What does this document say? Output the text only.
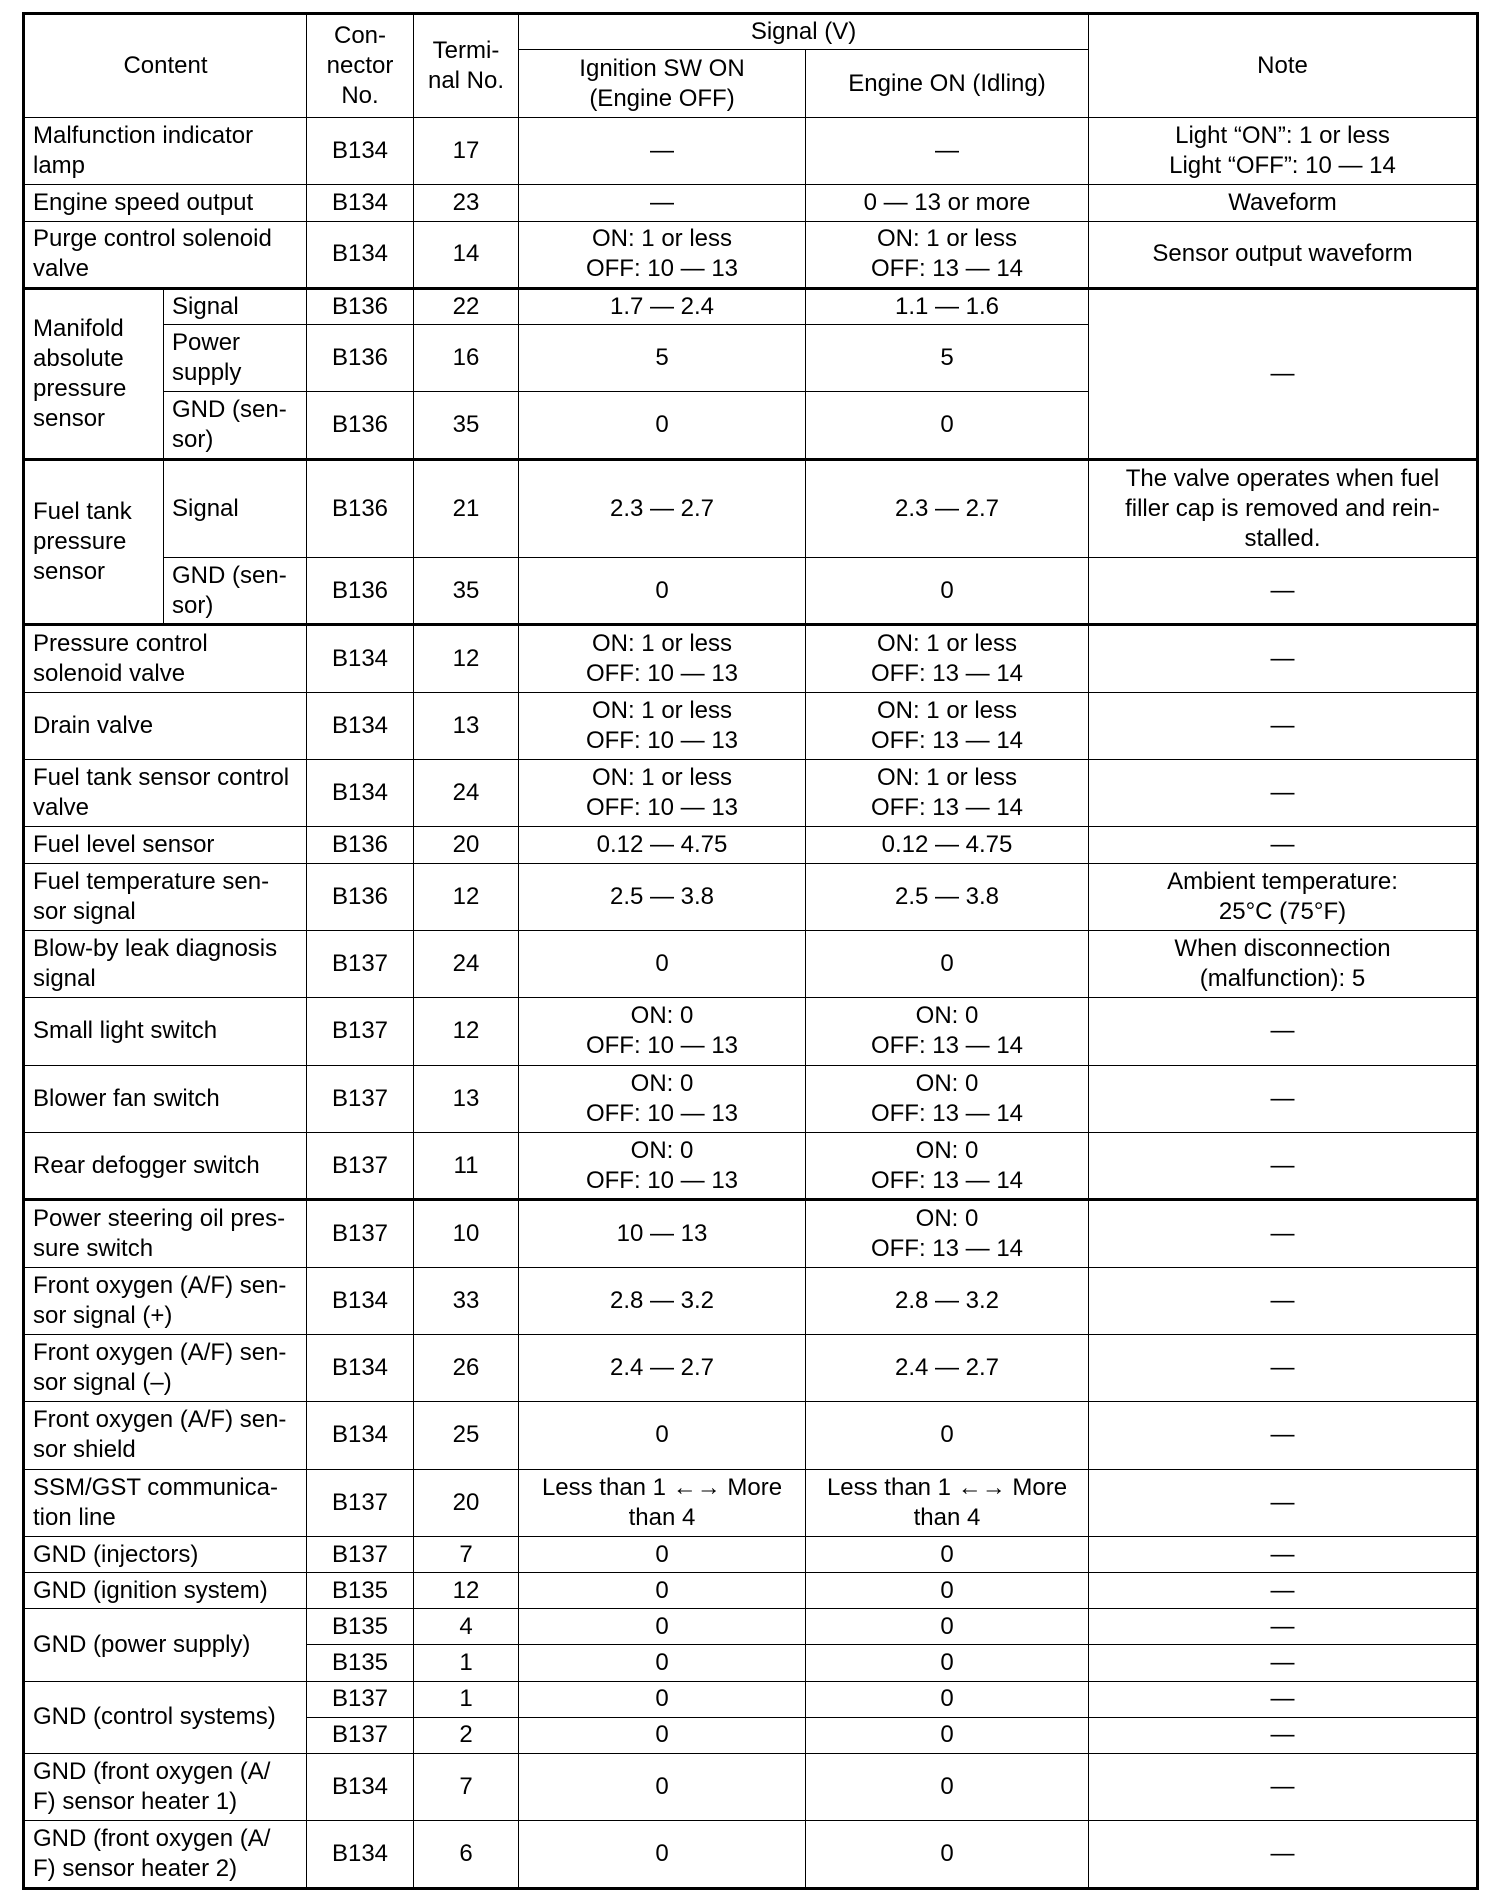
Content		Con-
nector
No.	Termi-
nal No.	Signal (V)		Note
				Ignition SW ON
(Engine OFF)	Engine ON (Idling)	
Malfunction indicator
lamp		B134	17	—	—	Light “ON”: 1 or less
Light “OFF”: 10 — 14
Engine speed output		B134	23	—	0 — 13 or more	Waveform
Purge control solenoid
valve		B134	14	ON: 1 or less
OFF: 10 — 13	ON: 1 or less
OFF: 13 — 14	Sensor output waveform
Manifold
absolute
pressure
sensor	Signal	B136	22	1.7 — 2.4	1.1 — 1.6	—
	Power
supply	B136	16	5	5	
	GND (sen-
sor)	B136	35	0	0	
Fuel tank
pressure
sensor	Signal	B136	21	2.3 — 2.7	2.3 — 2.7	The valve operates when fuel
filler cap is removed and rein-
stalled.
	GND (sen-
sor)	B136	35	0	0	—
Pressure control
solenoid valve		B134	12	ON: 1 or less
OFF: 10 — 13	ON: 1 or less
OFF: 13 — 14	—
Drain valve		B134	13	ON: 1 or less
OFF: 10 — 13	ON: 1 or less
OFF: 13 — 14	—
Fuel tank sensor control
valve		B134	24	ON: 1 or less
OFF: 10 — 13	ON: 1 or less
OFF: 13 — 14	—
Fuel level sensor		B136	20	0.12 — 4.75	0.12 — 4.75	—
Fuel temperature sen-
sor signal		B136	12	2.5 — 3.8	2.5 — 3.8	Ambient temperature:
25°C (75°F)
Blow-by leak diagnosis
signal		B137	24	0	0	When disconnection
(malfunction): 5
Small light switch		B137	12	ON: 0
OFF: 10 — 13	ON: 0
OFF: 13 — 14	—
Blower fan switch		B137	13	ON: 0
OFF: 10 — 13	ON: 0
OFF: 13 — 14	—
Rear defogger switch		B137	11	ON: 0
OFF: 10 — 13	ON: 0
OFF: 13 — 14	—
Power steering oil pres-
sure switch		B137	10	10 — 13	ON: 0
OFF: 13 — 14	—
Front oxygen (A/F) sen-
sor signal (+)		B134	33	2.8 — 3.2	2.8 — 3.2	—
Front oxygen (A/F) sen-
sor signal (–)		B134	26	2.4 — 2.7	2.4 — 2.7	—
Front oxygen (A/F) sen-
sor shield		B134	25	0	0	—
SSM/GST communica-
tion line		B137	20	Less than 1 ←→ More
than 4	Less than 1 ←→ More
than 4	—
GND (injectors)		B137	7	0	0	—
GND (ignition system)		B135	12	0	0	—
GND (power supply)		B135	4	0	0	—
		B135	1	0	0	—
GND (control systems)		B137	1	0	0	—
		B137	2	0	0	—
GND (front oxygen (A/
F) sensor heater 1)		B134	7	0	0	—
GND (front oxygen (A/
F) sensor heater 2)		B134	6	0	0	—
